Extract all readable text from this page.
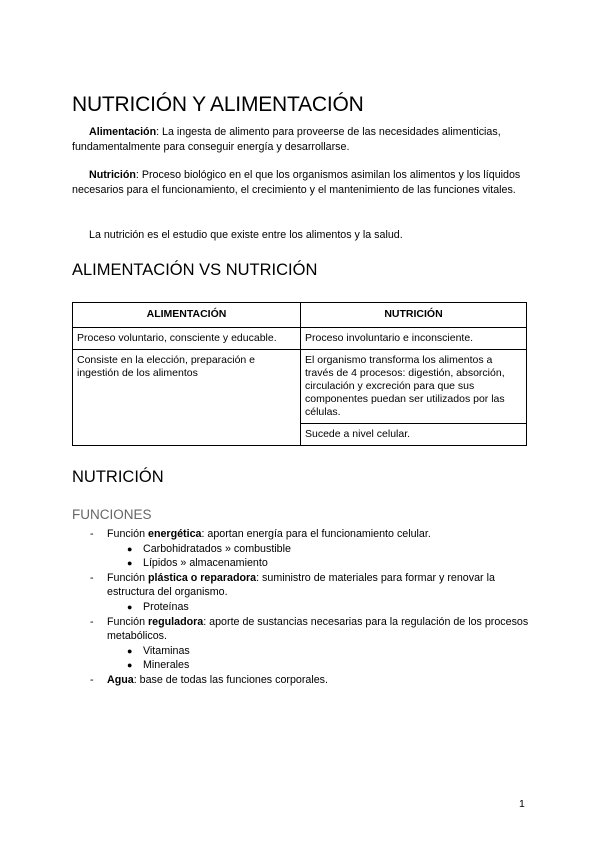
NUTRICIÓN Y ALIMENTACIÓN

Alimentación: La ingesta de alimento para proveerse de las necesidades alimenticias, fundamentalmente para conseguir energía y desarrollarse.

Nutrición: Proceso biológico en el que los organismos asimilan los alimentos y los líquidos necesarios para el funcionamiento, el crecimiento y el mantenimiento de las funciones vitales.

La nutrición es el estudio que existe entre los alimentos y la salud.

ALIMENTACIÓN VS NUTRICIÓN
ALIMENTACIÓN	NUTRICIÓN
Proceso voluntario, consciente y educable.	Proceso involuntario e inconsciente.
Consiste en la elección, preparación e ingestión de los alimentos	El organismo transforma los alimentos a través de 4 procesos: digestión, absorción, circulación y excreción para que sus componentes puedan ser utilizados por las células.
	Sucede a nivel celular.
NUTRICIÓN
FUNCIONES
- Función energética: aportan energía para el funcionamiento celular.
● Carbohidratados » combustible
● Lípidos » almacenamiento
- Función plástica o reparadora: suministro de materiales para formar y renovar la estructura del organismo.
● Proteínas
- Función reguladora: aporte de sustancias necesarias para la regulación de los procesos metabólicos.
● Vitaminas
● Minerales
- Agua: base de todas las funciones corporales.
1
